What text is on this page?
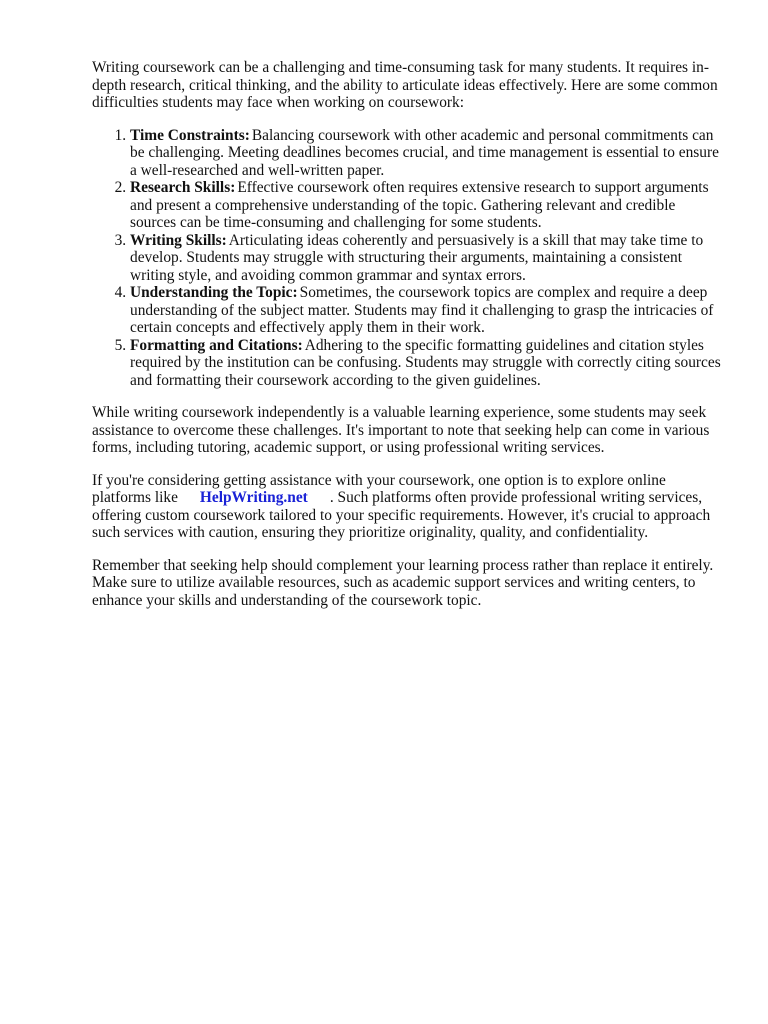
Writing coursework can be a challenging and time-consuming task for many students. It requires in-depth research, critical thinking, and the ability to articulate ideas effectively. Here are some common difficulties students may face when working on coursework:

1. Time Constraints: Balancing coursework with other academic and personal commitments can be challenging. Meeting deadlines becomes crucial, and time management is essential to ensure a well-researched and well-written paper.
2. Research Skills: Effective coursework often requires extensive research to support arguments and present a comprehensive understanding of the topic. Gathering relevant and credible sources can be time-consuming and challenging for some students.
3. Writing Skills: Articulating ideas coherently and persuasively is a skill that may take time to develop. Students may struggle with structuring their arguments, maintaining a consistent writing style, and avoiding common grammar and syntax errors.
4. Understanding the Topic: Sometimes, the coursework topics are complex and require a deep understanding of the subject matter. Students may find it challenging to grasp the intricacies of certain concepts and effectively apply them in their work.
5. Formatting and Citations: Adhering to the specific formatting guidelines and citation styles required by the institution can be confusing. Students may struggle with correctly citing sources and formatting their coursework according to the given guidelines.

While writing coursework independently is a valuable learning experience, some students may seek assistance to overcome these challenges. It's important to note that seeking help can come in various forms, including tutoring, academic support, or using professional writing services.

If you're considering getting assistance with your coursework, one option is to explore online platforms like HelpWriting.net . Such platforms often provide professional writing services, offering custom coursework tailored to your specific requirements. However, it's crucial to approach such services with caution, ensuring they prioritize originality, quality, and confidentiality.

Remember that seeking help should complement your learning process rather than replace it entirely. Make sure to utilize available resources, such as academic support services and writing centers, to enhance your skills and understanding of the coursework topic.
